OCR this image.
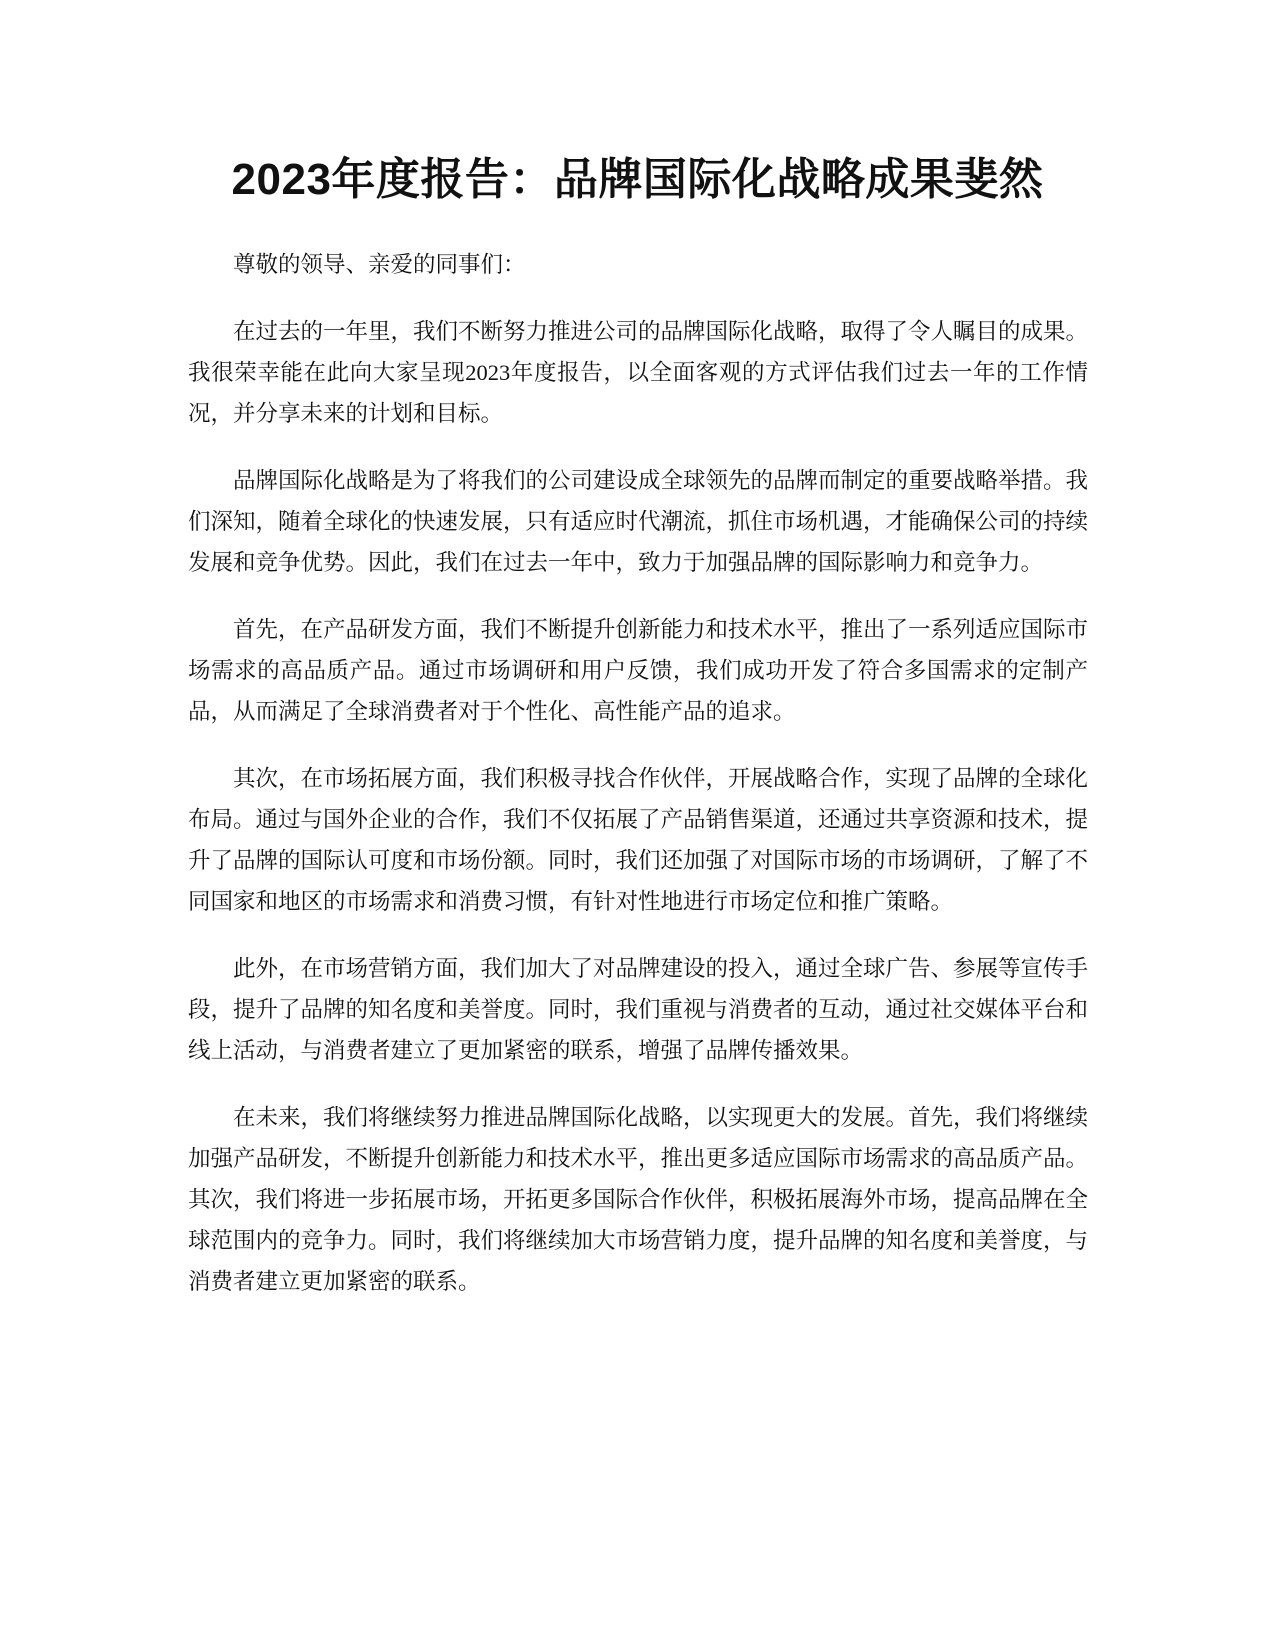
2023年度报告：品牌国际化战略成果斐然

尊敬的领导、亲爱的同事们：

在过去的一年里，我们不断努力推进公司的品牌国际化战略，取得了令人瞩目的成果。我很荣幸能在此向大家呈现2023年度报告，以全面客观的方式评估我们过去一年的工作情况，并分享未来的计划和目标。

品牌国际化战略是为了将我们的公司建设成全球领先的品牌而制定的重要战略举措。我们深知，随着全球化的快速发展，只有适应时代潮流，抓住市场机遇，才能确保公司的持续发展和竞争优势。因此，我们在过去一年中，致力于加强品牌的国际影响力和竞争力。

首先，在产品研发方面，我们不断提升创新能力和技术水平，推出了一系列适应国际市场需求的高品质产品。通过市场调研和用户反馈，我们成功开发了符合多国需求的定制产品，从而满足了全球消费者对于个性化、高性能产品的追求。

其次，在市场拓展方面，我们积极寻找合作伙伴，开展战略合作，实现了品牌的全球化布局。通过与国外企业的合作，我们不仅拓展了产品销售渠道，还通过共享资源和技术，提升了品牌的国际认可度和市场份额。同时，我们还加强了对国际市场的市场调研，了解了不同国家和地区的市场需求和消费习惯，有针对性地进行市场定位和推广策略。

此外，在市场营销方面，我们加大了对品牌建设的投入，通过全球广告、参展等宣传手段，提升了品牌的知名度和美誉度。同时，我们重视与消费者的互动，通过社交媒体平台和线上活动，与消费者建立了更加紧密的联系，增强了品牌传播效果。

在未来，我们将继续努力推进品牌国际化战略，以实现更大的发展。首先，我们将继续加强产品研发，不断提升创新能力和技术水平，推出更多适应国际市场需求的高品质产品。其次，我们将进一步拓展市场，开拓更多国际合作伙伴，积极拓展海外市场，提高品牌在全球范围内的竞争力。同时，我们将继续加大市场营销力度，提升品牌的知名度和美誉度，与消费者建立更加紧密的联系。
